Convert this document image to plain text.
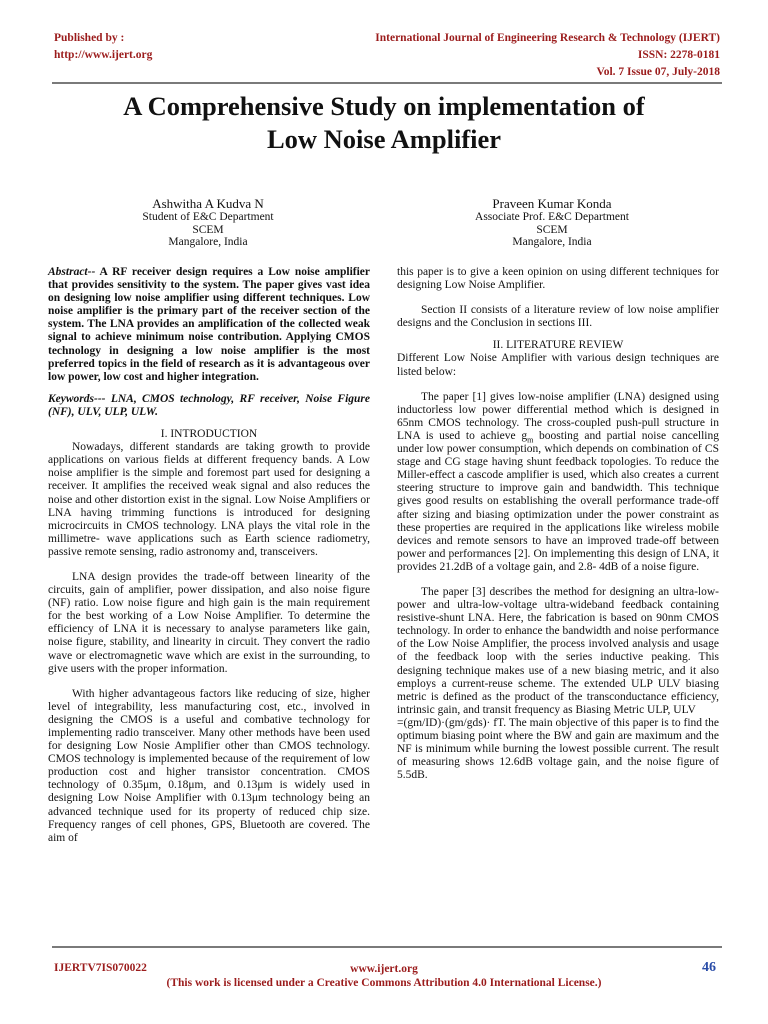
Published by :
http://www.ijert.org
International Journal of Engineering Research & Technology (IJERT)
ISSN: 2278-0181
Vol. 7 Issue 07, July-2018
A Comprehensive Study on implementation of
Low Noise Amplifier
Ashwitha A Kudva N
Student of E&C Department
SCEM
Mangalore, India
Praveen Kumar Konda
Associate Prof. E&C Department
SCEM
Mangalore, India

Abstract-- A RF receiver design requires a Low noise amplifier that provides sensitivity to the system. The paper gives vast idea on designing low noise amplifier using different techniques. Low noise amplifier is the primary part of the receiver section of the system. The LNA provides an amplification of the collected weak signal to achieve minimum noise contribution. Applying CMOS technology in designing a low noise amplifier is the most preferred topics in the field of research as it is advantageous over low power, low cost and higher integration.

Keywords--- LNA, CMOS technology, RF receiver, Noise Figure (NF), ULV, ULP, ULW.

I. INTRODUCTION

Nowadays, different standards are taking growth to provide applications on various fields at different frequency bands. A Low noise amplifier is the simple and foremost part used for designing a receiver. It amplifies the received weak signal and also reduces the noise and other distortion exist in the signal. Low Noise Amplifiers or LNA having trimming functions is introduced for designing microcircuits in CMOS technology. LNA plays the vital role in the millimetre- wave applications such as Earth science radiometry, passive remote sensing, radio astronomy and, transceivers.

LNA design provides the trade-off between linearity of the circuits, gain of amplifier, power dissipation, and also noise figure (NF) ratio. Low noise figure and high gain is the main requirement for the best working of a Low Noise Amplifier. To determine the efficiency of LNA it is necessary to analyse parameters like gain, noise figure, stability, and linearity in circuit. They convert the radio wave or electromagnetic wave which are exist in the surrounding, to give users with the proper information.

With higher advantageous factors like reducing of size, higher level of integrability, less manufacturing cost, etc., involved in designing the CMOS is a useful and combative technology for implementing radio transceiver. Many other methods have been used for designing Low Nosie Amplifier other than CMOS technology. CMOS technology is implemented because of the requirement of low production cost and higher transistor concentration. CMOS technology of 0.35μm, 0.18μm, and 0.13μm is widely used in designing Low Noise Amplifier with 0.13μm technology being an advanced technique used for its property of reduced chip size. Frequency ranges of cell phones, GPS, Bluetooth are covered. The aim of

this paper is to give a keen opinion on using different techniques for designing Low Noise Amplifier.

Section II consists of a literature review of low noise amplifier designs and the Conclusion in sections III.

II. LITERATURE REVIEW

Different Low Noise Amplifier with various design techniques are listed below:

The paper [1] gives low-noise amplifier (LNA) designed using inductorless low power differential method which is designed in 65nm CMOS technology. The cross-coupled push-pull structure in LNA is used to achieve $g_m$ boosting and partial noise cancelling under low power consumption, which depends on combination of CS stage and CG stage having shunt feedback topologies. To reduce the Miller-effect a cascode amplifier is used, which also creates a current steering structure to improve gain and bandwidth. This technique gives good results on establishing the overall performance trade-off after sizing and biasing optimization under the power constraint as these properties are required in the applications like wireless mobile devices and remote sensors to have an improved trade-off between power and performances [2]. On implementing this design of LNA, it provides 21.2dB of a voltage gain, and 2.8- 4dB of a noise figure.

The paper [3] describes the method for designing an ultra-low-power and ultra-low-voltage ultra-wideband feedback containing resistive-shunt LNA. Here, the fabrication is based on 90nm CMOS technology. In order to enhance the bandwidth and noise performance of the Low Noise Amplifier, the process involved analysis and usage of the feedback loop with the series inductive peaking. This designing technique makes use of a new biasing metric, and it also employs a current-reuse scheme. The extended ULP ULV biasing metric is defined as the product of the transconductance efficiency, intrinsic gain, and transit frequency as Biasing Metric ULP, ULV
=(gm/ID)·(gm/gds)· fT. The main objective of this paper is to find the optimum biasing point where the BW and gain are maximum and the NF is minimum while burning the lowest possible current. The result of measuring shows 12.6dB voltage gain, and the noise figure of 5.5dB.

IJERTV7IS070022	www.ijert.org
(This work is licensed under a Creative Commons Attribution 4.0 International License.)
46
